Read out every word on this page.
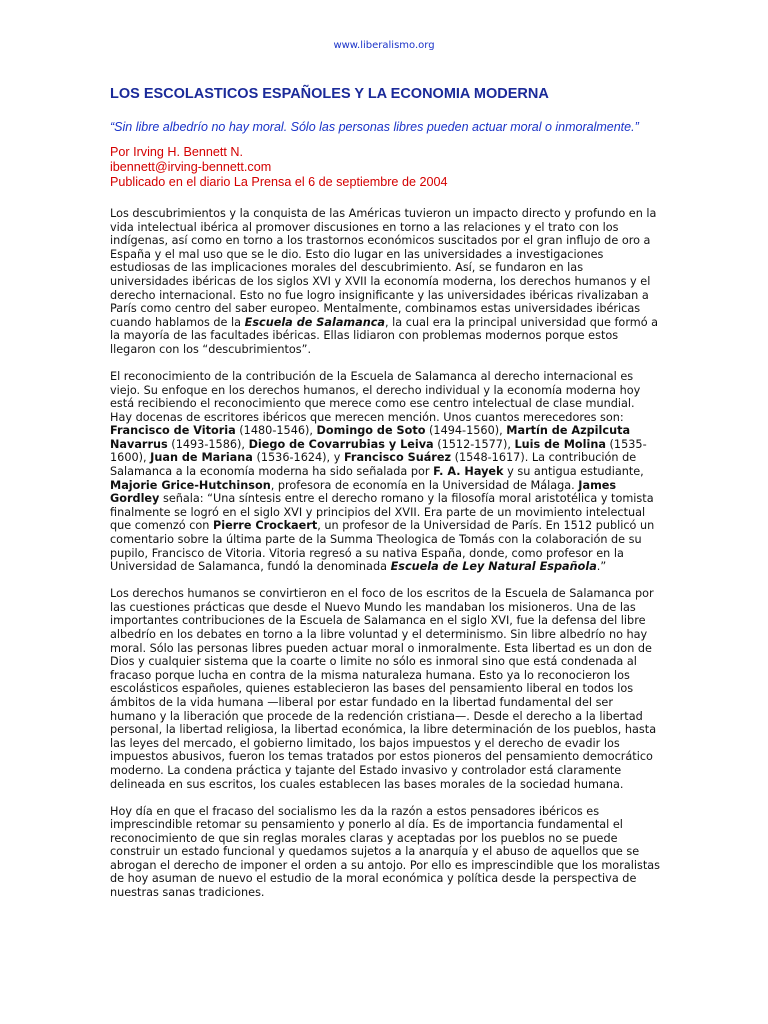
www.liberalismo.org
LOS ESCOLASTICOS ESPAÑOLES Y LA ECONOMIA MODERNA

“Sin libre albedrío no hay moral. Sólo las personas libres pueden actuar moral o inmoralmente.”

Por Irving H. Bennett N.
ibennett@irving-bennett.com
Publicado en el diario La Prensa el 6 de septiembre de 2004

Los descubrimientos y la conquista de las Américas tuvieron un impacto directo y profundo en la vida intelectual ibérica al promover discusiones en torno a las relaciones y el trato con los indígenas, así como en torno a los trastornos económicos suscitados por el gran influjo de oro a España y el mal uso que se le dio. Esto dio lugar en las universidades a investigaciones estudiosas de las implicaciones morales del descubrimiento. Así, se fundaron en las universidades ibéricas de los siglos XVI y XVII la economía moderna, los derechos humanos y el derecho internacional. Esto no fue logro insignificante y las universidades ibéricas rivalizaban a París como centro del saber europeo. Mentalmente, combinamos estas universidades ibéricas cuando hablamos de la Escuela de Salamanca, la cual era la principal universidad que formó a la mayoría de las facultades ibéricas. Ellas lidiaron con problemas modernos porque estos llegaron con los “descubrimientos”.

El reconocimiento de la contribución de la Escuela de Salamanca al derecho internacional es viejo. Su enfoque en los derechos humanos, el derecho individual y la economía moderna hoy está recibiendo el reconocimiento que merece como ese centro intelectual de clase mundial. Hay docenas de escritores ibéricos que merecen mención. Unos cuantos merecedores son: Francisco de Vitoria (1480-1546), Domingo de Soto (1494-1560), Martín de Azpilcuta Navarrus (1493-1586), Diego de Covarrubias y Leiva (1512-1577), Luis de Molina (1535-1600), Juan de Mariana (1536-1624), y Francisco Suárez (1548-1617). La contribución de Salamanca a la economía moderna ha sido señalada por F. A. Hayek y su antigua estudiante, Majorie Grice-Hutchinson, profesora de economía en la Universidad de Málaga. James Gordley señala: “Una síntesis entre el derecho romano y la filosofía moral aristotélica y tomista finalmente se logró en el siglo XVI y principios del XVII. Era parte de un movimiento intelectual que comenzó con Pierre Crockaert, un profesor de la Universidad de París. En 1512 publicó un comentario sobre la última parte de la Summa Theologica de Tomás con la colaboración de su pupilo, Francisco de Vitoria. Vitoria regresó a su nativa España, donde, como profesor en la Universidad de Salamanca, fundó la denominada Escuela de Ley Natural Española.”

Los derechos humanos se convirtieron en el foco de los escritos de la Escuela de Salamanca por las cuestiones prácticas que desde el Nuevo Mundo les mandaban los misioneros. Una de las importantes contribuciones de la Escuela de Salamanca en el siglo XVI, fue la defensa del libre albedrío en los debates en torno a la libre voluntad y el determinismo. Sin libre albedrío no hay moral. Sólo las personas libres pueden actuar moral o inmoralmente. Esta libertad es un don de Dios y cualquier sistema que la coarte o limite no sólo es inmoral sino que está condenada al fracaso porque lucha en contra de la misma naturaleza humana. Esto ya lo reconocieron los escolásticos españoles, quienes establecieron las bases del pensamiento liberal en todos los ámbitos de la vida humana —liberal por estar fundado en la libertad fundamental del ser humano y la liberación que procede de la redención cristiana—. Desde el derecho a la libertad personal, la libertad religiosa, la libertad económica, la libre determinación de los pueblos, hasta las leyes del mercado, el gobierno limitado, los bajos impuestos y el derecho de evadir los impuestos abusivos, fueron los temas tratados por estos pioneros del pensamiento democrático moderno. La condena práctica y tajante del Estado invasivo y controlador está claramente delineada en sus escritos, los cuales establecen las bases morales de la sociedad humana.

Hoy día en que el fracaso del socialismo les da la razón a estos pensadores ibéricos es imprescindible retomar su pensamiento y ponerlo al día. Es de importancia fundamental el reconocimiento de que sin reglas morales claras y aceptadas por los pueblos no se puede construir un estado funcional y quedamos sujetos a la anarquía y el abuso de aquellos que se abrogan el derecho de imponer el orden a su antojo. Por ello es imprescindible que los moralistas de hoy asuman de nuevo el estudio de la moral económica y política desde la perspectiva de nuestras sanas tradiciones.
